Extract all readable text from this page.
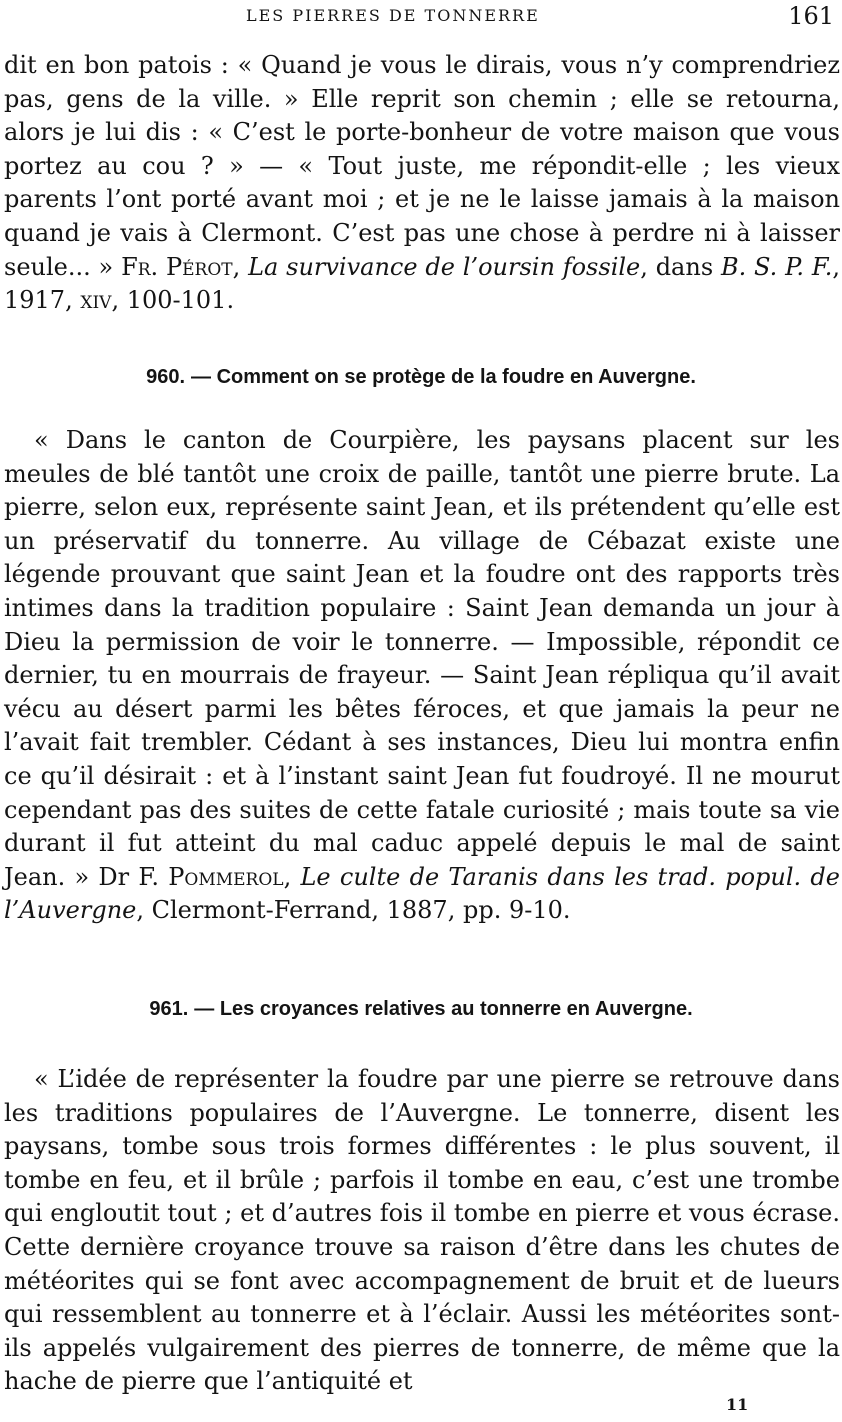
LES PIERRES DE TONNERRE	161

dit en bon patois : « Quand je vous le dirais, vous n’y comprendriez pas, gens de la ville. » Elle reprit son chemin ; elle se retourna, alors je lui dis : « C’est le porte-bonheur de votre maison que vous portez au cou ? » — « Tout juste, me répondit-elle ; les vieux parents l’ont porté avant moi ; et je ne le laisse jamais à la maison quand je vais à Clermont. C’est pas une chose à perdre ni à laisser seule... » Fr. Pérot, La survivance de l’oursin fossile, dans B. S. P. F., 1917, xiv, 100-101.

960. — Comment on se protège de la foudre en Auvergne.

« Dans le canton de Courpière, les paysans placent sur les meules de blé tantôt une croix de paille, tantôt une pierre brute. La pierre, selon eux, représente saint Jean, et ils prétendent qu’elle est un préservatif du tonnerre. Au village de Cébazat existe une légende prouvant que saint Jean et la foudre ont des rapports très intimes dans la tradition populaire : Saint Jean demanda un jour à Dieu la permission de voir le tonnerre. — Impossible, répondit ce dernier, tu en mourrais de frayeur. — Saint Jean répliqua qu’il avait vécu au désert parmi les bêtes féroces, et que jamais la peur ne l’avait fait trembler. Cédant à ses instances, Dieu lui montra enfin ce qu’il désirait : et à l’instant saint Jean fut foudroyé. Il ne mourut cependant pas des suites de cette fatale curiosité ; mais toute sa vie durant il fut atteint du mal caduc appelé depuis le mal de saint Jean. » Dr F. Pommerol, Le culte de Taranis dans les trad. popul. de l’Auvergne, Clermont-Ferrand, 1887, pp. 9-10.

961. — Les croyances relatives au tonnerre en Auvergne.

« L’idée de représenter la foudre par une pierre se retrouve dans les traditions populaires de l’Auvergne. Le tonnerre, disent les paysans, tombe sous trois formes différentes : le plus souvent, il tombe en feu, et il brûle ; parfois il tombe en eau, c’est une trombe qui engloutit tout ; et d’autres fois il tombe en pierre et vous écrase. Cette dernière croyance trouve sa raison d’être dans les chutes de météorites qui se font avec accompagnement de bruit et de lueurs qui ressemblent au tonnerre et à l’éclair. Aussi les météorites sont-ils appelés vulgairement des pierres de tonnerre, de même que la hache de pierre que l’antiquité et

11
